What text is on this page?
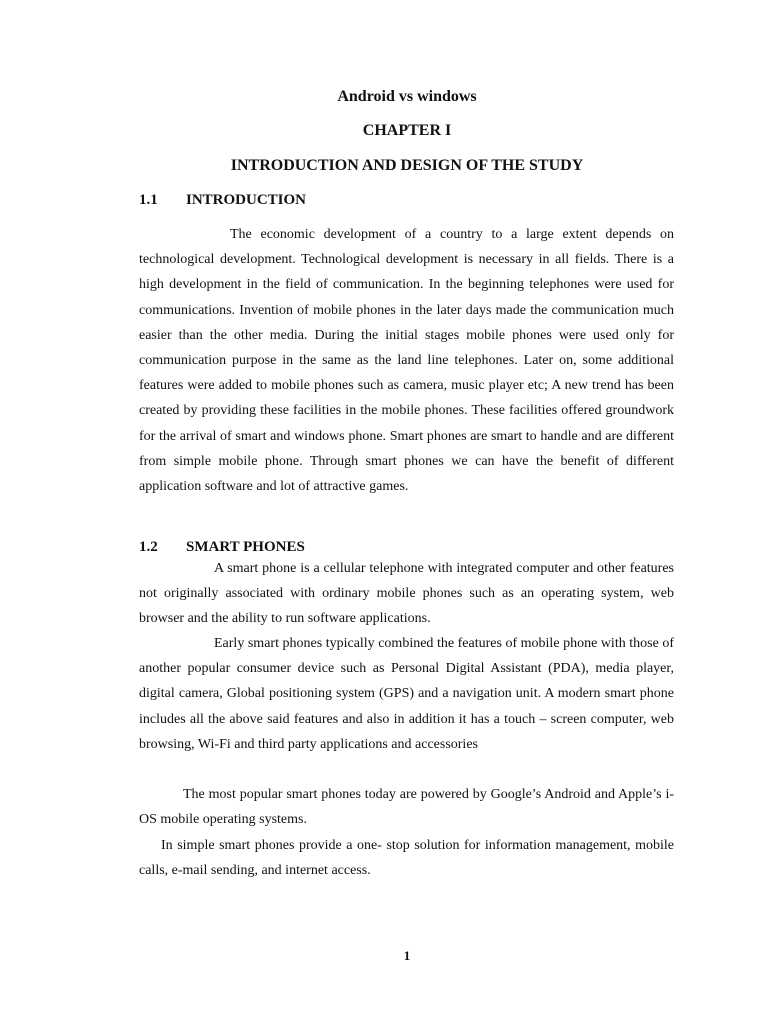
Android vs windows
CHAPTER I
INTRODUCTION AND DESIGN OF THE STUDY
1.1 INTRODUCTION

The economic development of a country to a large extent depends on technological development. Technological development is necessary in all fields. There is a high development in the field of communication. In the beginning telephones were used for communications. Invention of mobile phones in the later days made the communication much easier than the other media. During the initial stages mobile phones were used only for communication purpose in the same as the land line telephones. Later on, some additional features were added to mobile phones such as camera, music player etc; A new trend has been created by providing these facilities in the mobile phones. These facilities offered groundwork for the arrival of smart and windows phone. Smart phones are smart to handle and are different from simple mobile phone. Through smart phones we can have the benefit of different application software and lot of attractive games.

1.2 SMART PHONES

A smart phone is a cellular telephone with integrated computer and other features not originally associated with ordinary mobile phones such as an operating system, web browser and the ability to run software applications.

Early smart phones typically combined the features of mobile phone with those of another popular consumer device such as Personal Digital Assistant (PDA), media player, digital camera, Global positioning system (GPS) and a navigation unit. A modern smart phone includes all the above said features and also in addition it has a touch – screen computer, web browsing, Wi-Fi and third party applications and accessories

The most popular smart phones today are powered by Google’s Android and Apple’s i-OS mobile operating systems.

In simple smart phones provide a one- stop solution for information management, mobile calls, e-mail sending, and internet access.

1
